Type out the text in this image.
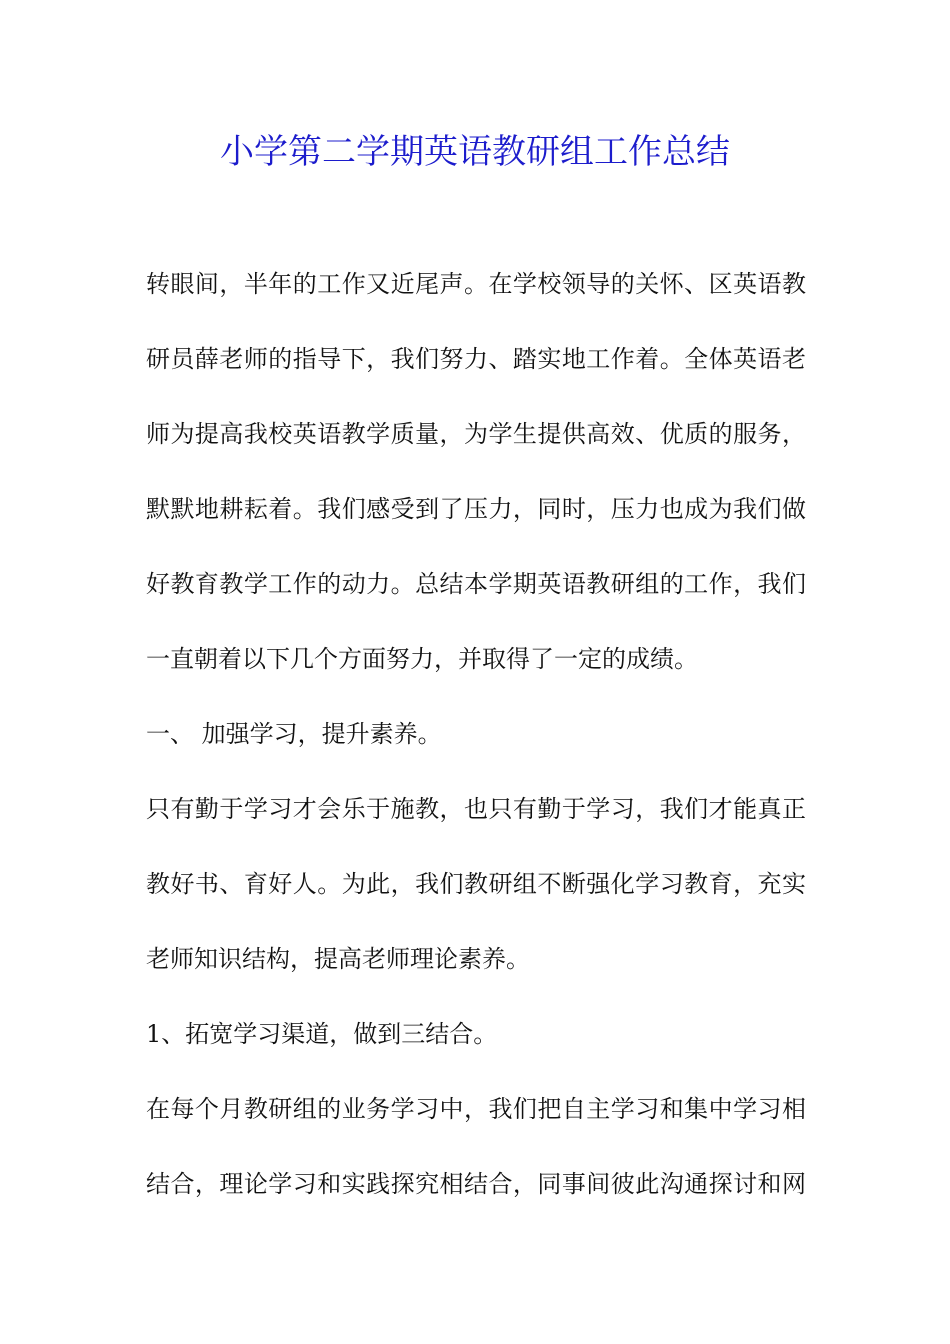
小学第二学期英语教研组工作总结
转眼间，半年的工作又近尾声。在学校领导的关怀、区英语教
研员薛老师的指导下，我们努力、踏实地工作着。全体英语老
师为提高我校英语教学质量，为学生提供高效、优质的服务，
默默地耕耘着。我们感受到了压力，同时，压力也成为我们做
好教育教学工作的动力。总结本学期英语教研组的工作，我们
一直朝着以下几个方面努力，并取得了一定的成绩。
一、 加强学习，提升素养。
只有勤于学习才会乐于施教，也只有勤于学习，我们才能真正
教好书、育好人。为此，我们教研组不断强化学习教育，充实
老师知识结构，提高老师理论素养。
1、拓宽学习渠道，做到三结合。
在每个月教研组的业务学习中，我们把自主学习和集中学习相
结合，理论学习和实践探究相结合，同事间彼此沟通探讨和网
